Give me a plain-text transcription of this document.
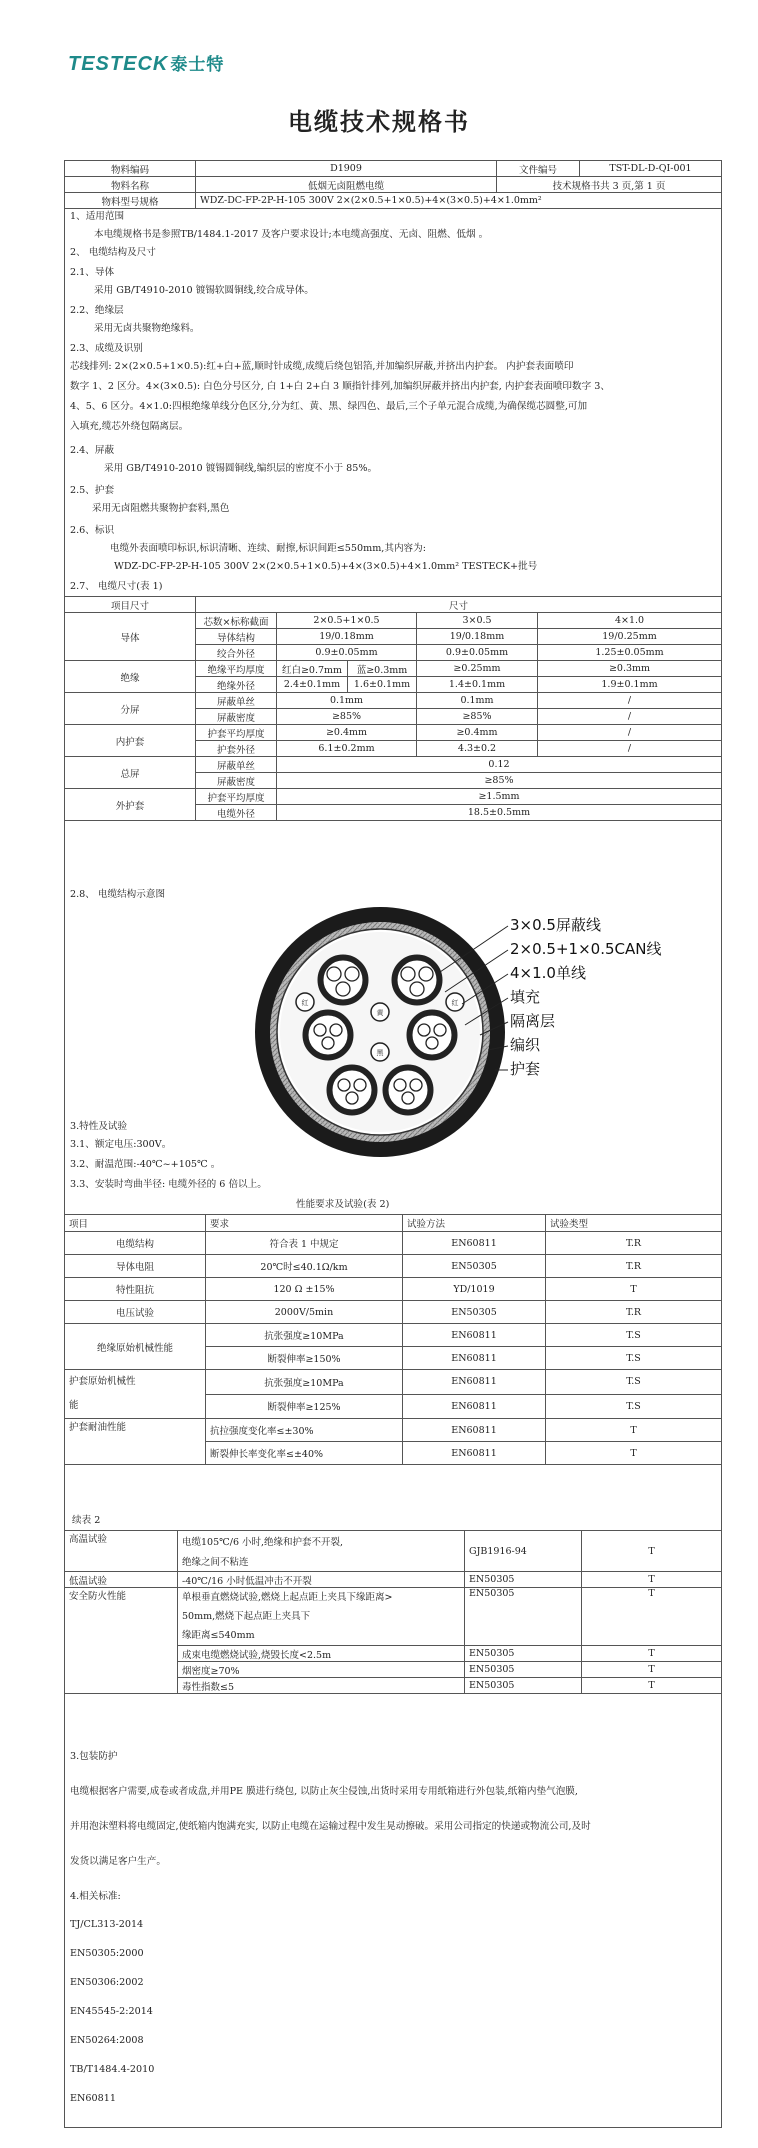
TESTECK 泰士特
电缆技术规格书
物料编码	D1909	文件编号	TST-DL-D-QI-001
物料名称	低烟无卤阻燃电缆	技术规格书共 3 页,第 1 页	
物料型号规格	WDZ-DC-FP-2P-H-105 300V 2×(2×0.5+1×0.5)+4×(3×0.5)+4×1.0mm²		
1、适用范围
本电缆规格书是参照TB/1484.1-2017 及客户要求设计;本电缆高强度、无卤、阻燃、低烟 。
2、 电缆结构及尺寸
2.1、导体
采用 GB/T4910-2010 镀锡软圆铜线,绞合成导体。
2.2、绝缘层
采用无卤共聚物绝缘料。
2.3、成缆及识别
芯线排列: 2×(2×0.5+1×0.5):红+白+蓝,顺时针成缆,成缆后绕包铝箔,并加编织屏蔽,并挤出内护套。 内护套表面喷印
数字 1、2 区分。4×(3×0.5): 白色分号区分, 白 1+白 2+白 3 顺指针排列,加编织屏蔽并挤出内护套, 内护套表面喷印数字 3、
4、5、6 区分。4×1.0:四根绝缘单线分色区分,分为红、黄、黑、绿四色、最后,三个子单元混合成缆,为确保缆芯圆整,可加
入填充,缆芯外绕包隔离层。
2.4、屏蔽
采用 GB/T4910-2010 镀锡圆铜线,编织层的密度不小于 85%。
2.5、护套
采用无卤阻燃共聚物护套料,黑色
2.6、标识
电缆外表面喷印标识,标识清晰、连续、耐擦,标识间距≤550mm,其内容为:
WDZ-DC-FP-2P-H-105 300V 2×(2×0.5+1×0.5)+4×(3×0.5)+4×1.0mm² TESTECK+批号
2.7、 电缆尺寸(表 1)
项目尺寸	尺寸				
导体	芯数×标称截面	2×0.5+1×0.5		3×0.5	4×1.0
	导体结构	19/0.18mm		19/0.18mm	19/0.25mm
	绞合外径	0.9±0.05mm		0.9±0.05mm	1.25±0.05mm
绝缘	绝缘平均厚度	红白≥0.7mm	蓝≥0.3mm	≥0.25mm	≥0.3mm
	绝缘外径	2.4±0.1mm	1.6±0.1mm	1.4±0.1mm	1.9±0.1mm
分屏	屏蔽单丝	0.1mm		0.1mm	/
	屏蔽密度	≥85%		≥85%	/
内护套	护套平均厚度	≥0.4mm		≥0.4mm	/
	护套外径	6.1±0.2mm		4.3±0.2	/
总屏	屏蔽单丝	0.12			
	屏蔽密度	≥85%			
外护套	护套平均厚度	≥1.5mm			
	电缆外径	18.5±0.5mm			
2.8、 电缆结构示意图
红	红
黄
黑
3×0.5屏蔽线
2×0.5+1×0.5CAN线
4×1.0单线
填充
隔离层
编织
护套
3.特性及试验
3.1、额定电压:300V。
3.2、耐温范围:-40℃~+105℃ 。
3.3、安装时弯曲半径: 电缆外径的 6 倍以上。
性能要求及试验(表 2)
项目	要求	试验方法	试验类型
电缆结构	符合表 1 中规定	EN60811	T.R
导体电阻	20℃时≤40.1Ω/km	EN50305	T.R
特性阻抗	120 Ω ±15%	YD/1019	T
电压试验	2000V/5min	EN50305	T.R
绝缘原始机械性能	抗张强度≥10MPa	EN60811	T.S
	断裂伸率≥150%	EN60811	T.S
护套原始机械性
能	抗张强度≥10MPa	EN60811	T.S
	断裂伸率≥125%	EN60811	T.S
护套耐油性能	抗拉强度变化率≤±30%	EN60811	T
	断裂伸长率变化率≤±40%	EN60811	T
续表 2
高温试验	电缆105℃/6 小时,绝缘和护套不开裂,	GJB1916-94	T
	绝缘之间不粘连		
低温试验	-40℃/16 小时低温冲击不开裂	EN50305	T
安全防火性能	单根垂直燃烧试验,燃烧上起点距上夹具下缘距离>
50mm,燃烧下起点距上夹具下
缘距离≤540mm	EN50305	T
	成束电缆燃烧试验,烧毁长度<2.5m	EN50305	T
	烟密度≥70%	EN50305	T
	毒性指数≤5	EN50305	T
3.包装防护
电缆根据客户需要,成卷或者成盘,并用PE 膜进行绕包, 以防止灰尘侵蚀,出货时采用专用纸箱进行外包装,纸箱内垫气泡膜,
并用泡沫塑料将电缆固定,使纸箱内饱满充实, 以防止电缆在运输过程中发生晃动擦破。采用公司指定的快递或物流公司,及时
发货以满足客户生产。
4.相关标准:
TJ/CL313-2014
EN50305:2000
EN50306:2002
EN45545-2:2014
EN50264:2008
TB/T1484.4-2010
EN60811
